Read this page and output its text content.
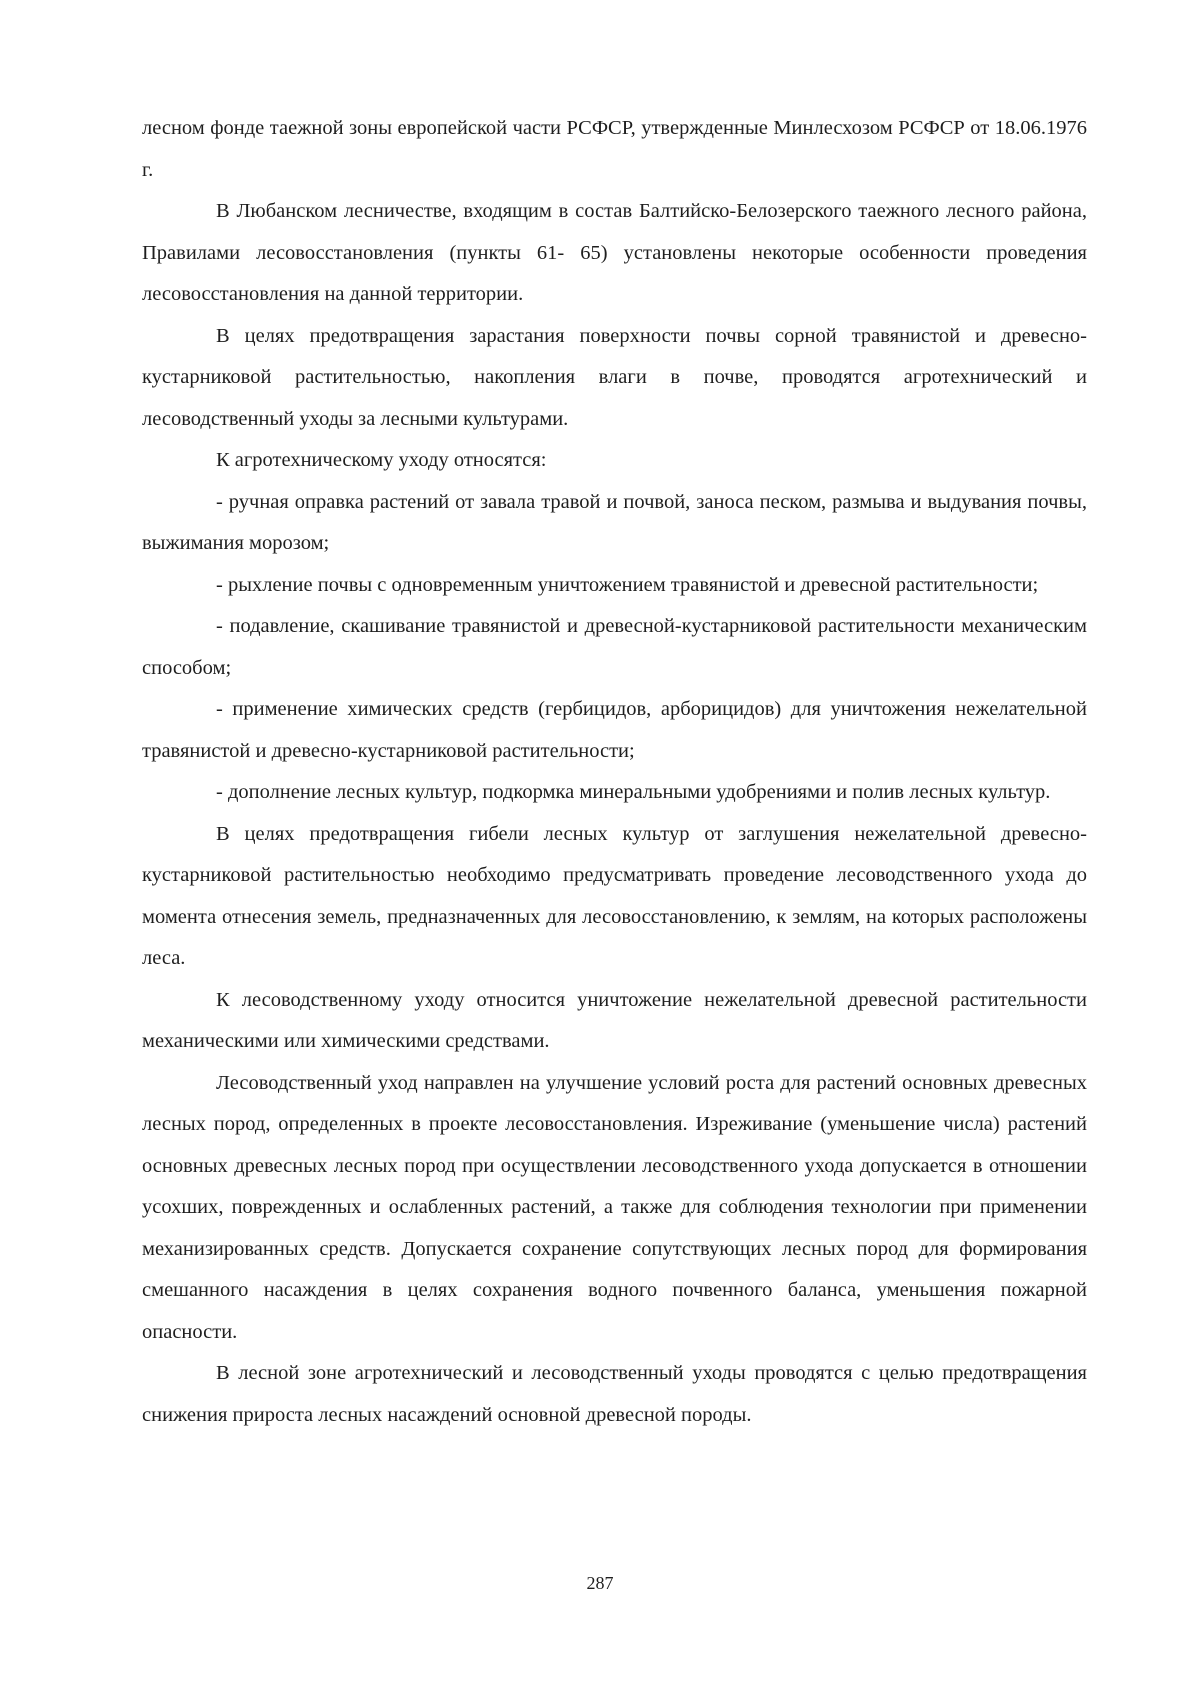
лесном фонде таежной зоны европейской части РСФСР, утвержденные Минлесхозом РСФСР от 18.06.1976 г.

В Любанском лесничестве, входящим в состав Балтийско-Белозерского таежного лесного района, Правилами лесовосстановления (пункты 61- 65) установлены некоторые особенности проведения лесовосстановления на данной территории.

В целях предотвращения зарастания поверхности почвы сорной травянистой и древесно-кустарниковой растительностью, накопления влаги в почве, проводятся агротехнический и лесоводственный уходы за лесными культурами.

К агротехническому уходу относятся:

- ручная оправка растений от завала травой и почвой, заноса песком, размыва и выдувания почвы, выжимания морозом;

- рыхление почвы с одновременным уничтожением травянистой и древесной растительности;

- подавление, скашивание травянистой и древесной-кустарниковой растительности механическим способом;

- применение химических средств (гербицидов, арборицидов) для уничтожения нежелательной травянистой и древесно-кустарниковой растительности;

- дополнение лесных культур, подкормка минеральными удобрениями и полив лесных культур.

В целях предотвращения гибели лесных культур от заглушения нежелательной древесно-кустарниковой растительностью необходимо предусматривать проведение лесоводственного ухода до момента отнесения земель, предназначенных для лесовосстановлению, к землям, на которых расположены леса.

К лесоводственному уходу относится уничтожение нежелательной древесной растительности механическими или химическими средствами.

Лесоводственный уход направлен на улучшение условий роста для растений основных древесных лесных пород, определенных в проекте лесовосстановления. Изреживание (уменьшение числа) растений основных древесных лесных пород при осуществлении лесоводственного ухода допускается в отношении усохших, поврежденных и ослабленных растений, а также для соблюдения технологии при применении механизированных средств. Допускается сохранение сопутствующих лесных пород для формирования смешанного насаждения в целях сохранения водного почвенного баланса, уменьшения пожарной опасности.

В лесной зоне агротехнический и лесоводственный уходы проводятся с целью предотвращения снижения прироста лесных насаждений основной древесной породы.

287
